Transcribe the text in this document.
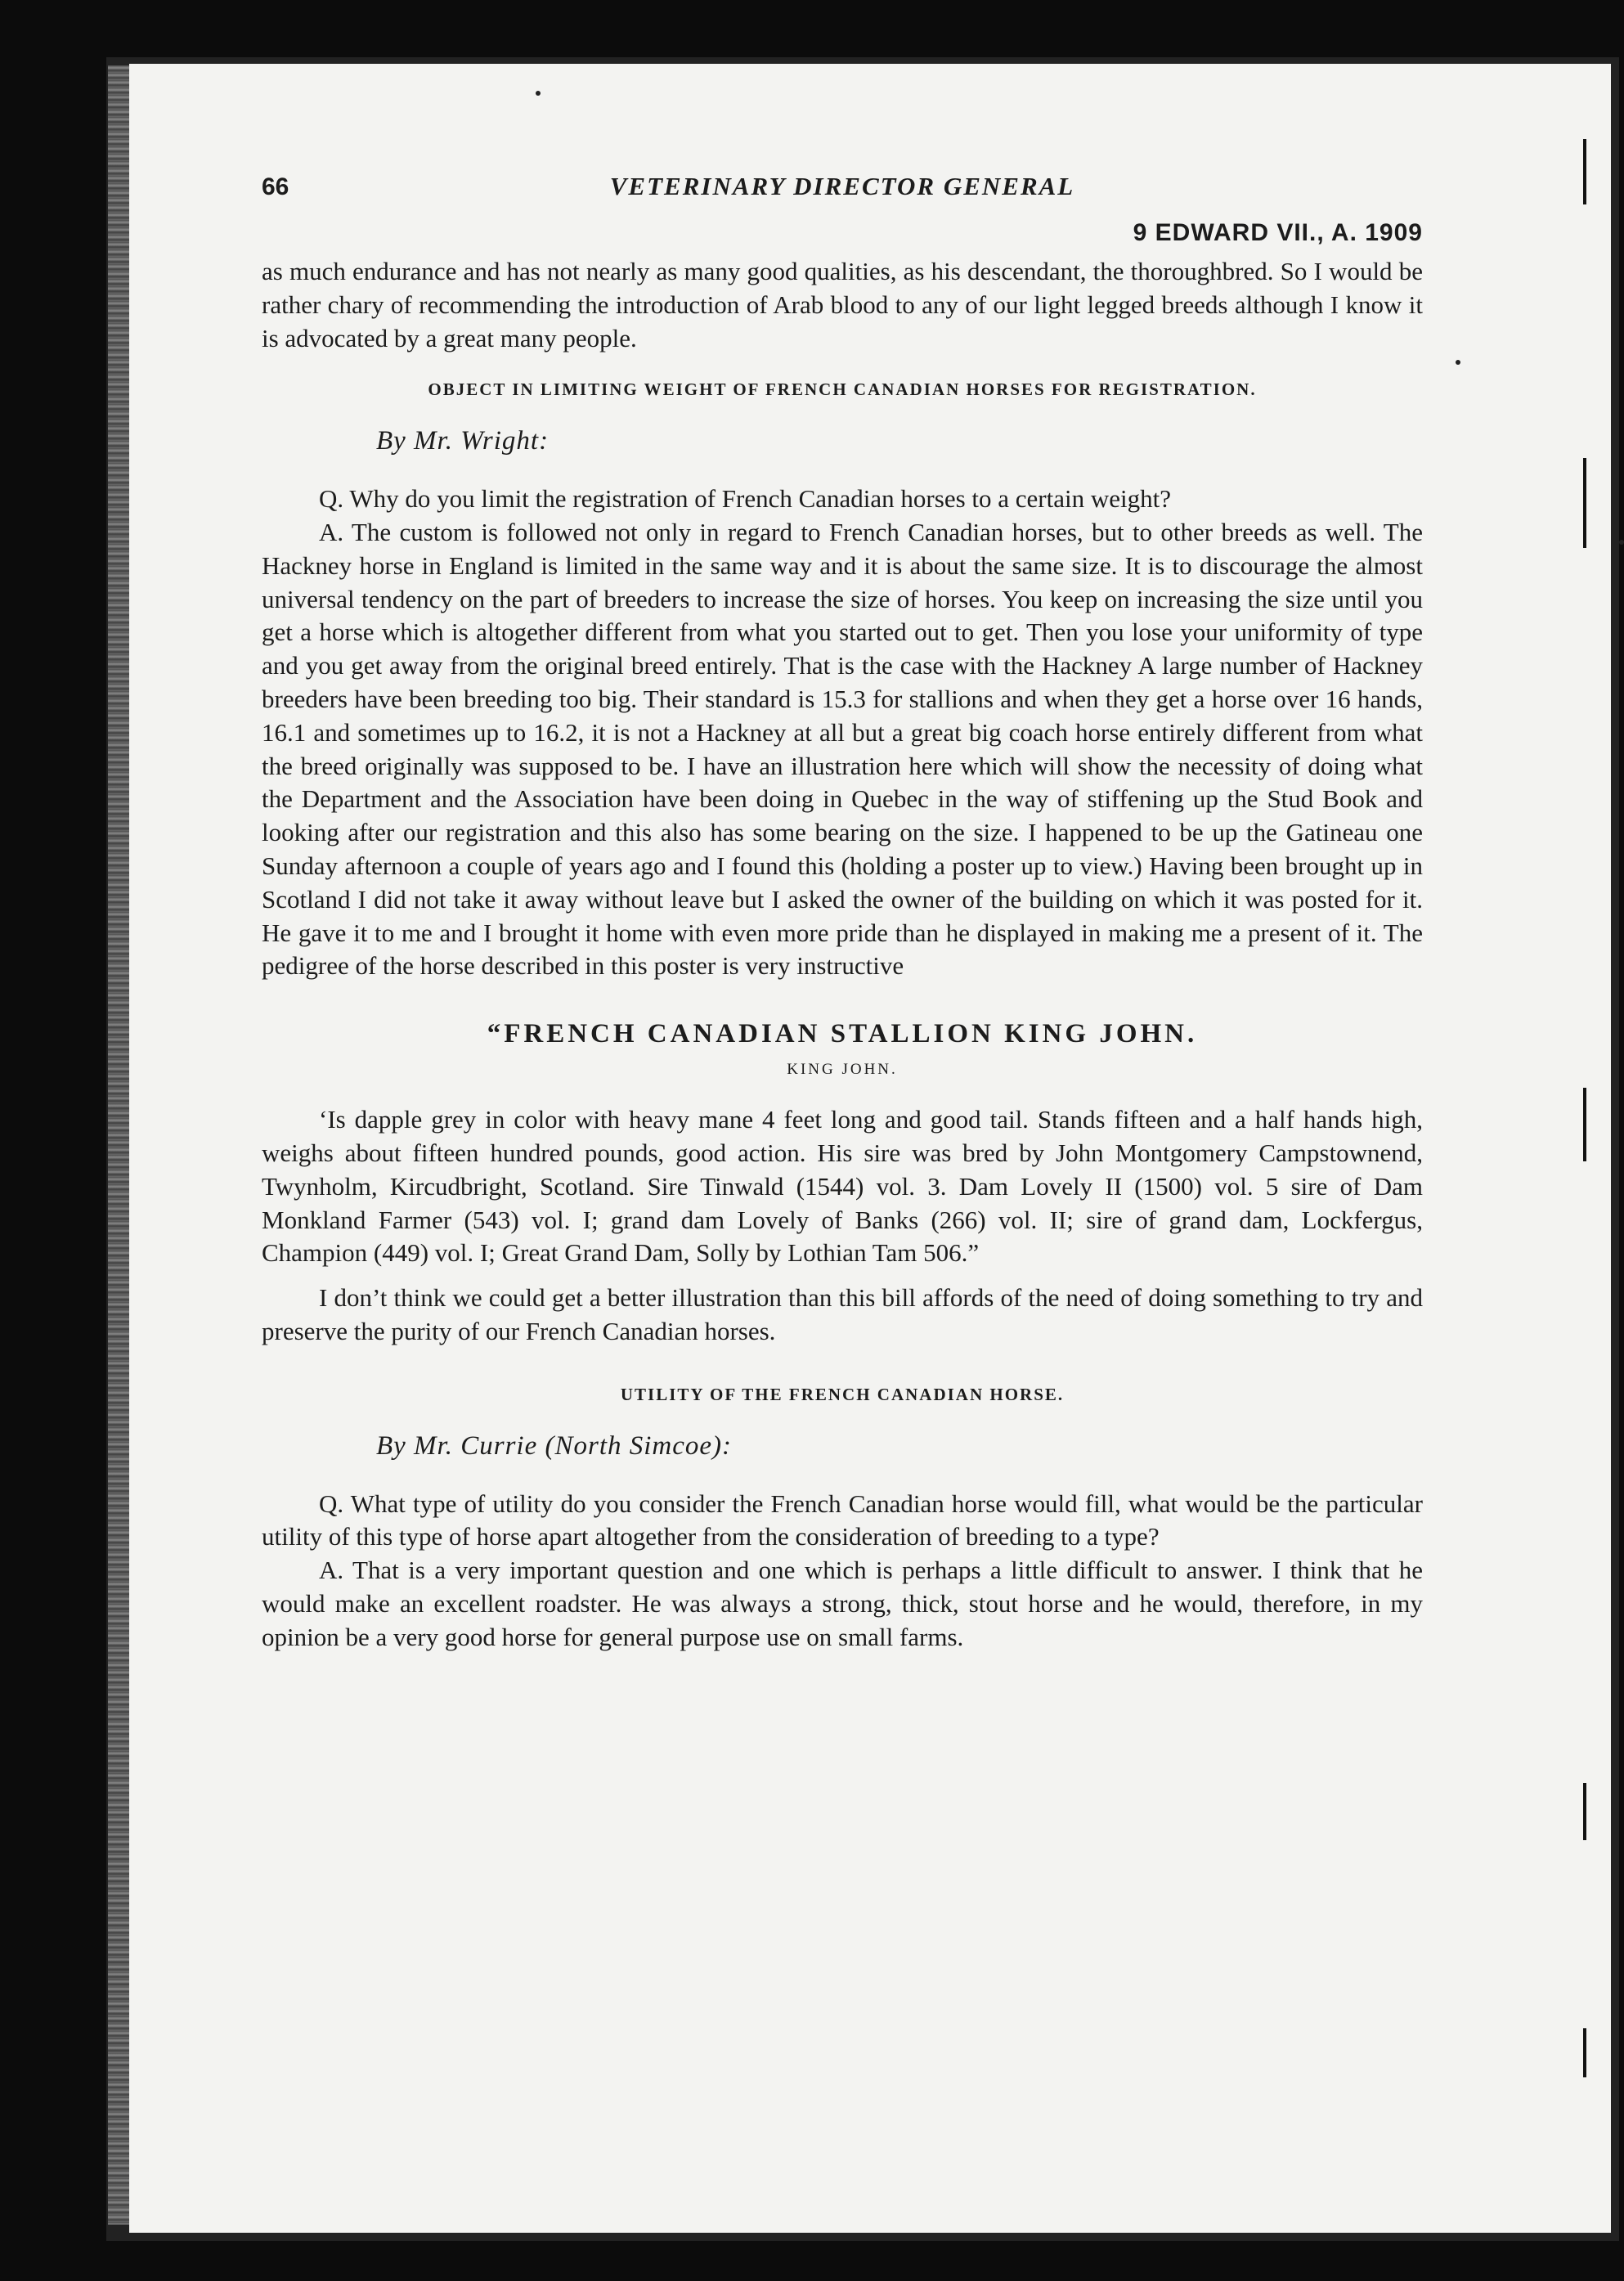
66	VETERINARY DIRECTOR GENERAL
9 EDWARD VII., A. 1909

as much endurance and has not nearly as many good qualities, as his descendant, the thoroughbred. So I would be rather chary of recommending the introduction of Arab blood to any of our light legged breeds although I know it is advocated by a great many people.

OBJECT IN LIMITING WEIGHT OF FRENCH CANADIAN HORSES FOR REGISTRATION.

By Mr. Wright:

Q. Why do you limit the registration of French Canadian horses to a certain weight?

A. The custom is followed not only in regard to French Canadian horses, but to other breeds as well. The Hackney horse in England is limited in the same way and it is about the same size. It is to discourage the almost universal tendency on the part of breeders to increase the size of horses. You keep on increasing the size until you get a horse which is altogether different from what you started out to get. Then you lose your uniformity of type and you get away from the original breed entirely. That is the case with the Hackney A large number of Hackney breeders have been breeding too big. Their standard is 15.3 for stallions and when they get a horse over 16 hands, 16.1 and sometimes up to 16.2, it is not a Hackney at all but a great big coach horse entirely different from what the breed originally was supposed to be. I have an illustration here which will show the necessity of doing what the Department and the Association have been doing in Quebec in the way of stiffening up the Stud Book and looking after our registration and this also has some bearing on the size. I happened to be up the Gatineau one Sunday afternoon a couple of years ago and I found this (holding a poster up to view.) Having been brought up in Scotland I did not take it away without leave but I asked the owner of the building on which it was posted for it. He gave it to me and I brought it home with even more pride than he displayed in making me a present of it. The pedigree of the horse described in this poster is very instructive

“FRENCH CANADIAN STALLION KING JOHN.
KING JOHN.

‘Is dapple grey in color with heavy mane 4 feet long and good tail. Stands fifteen and a half hands high, weighs about fifteen hundred pounds, good action. His sire was bred by John Montgomery Campstownend, Twynholm, Kircudbright, Scotland. Sire Tinwald (1544) vol. 3. Dam Lovely II (1500) vol. 5 sire of Dam Monkland Farmer (543) vol. I; grand dam Lovely of Banks (266) vol. II; sire of grand dam, Lockfergus, Champion (449) vol. I; Great Grand Dam, Solly by Lothian Tam 506.”

I don’t think we could get a better illustration than this bill affords of the need of doing something to try and preserve the purity of our French Canadian horses.

UTILITY OF THE FRENCH CANADIAN HORSE.

By Mr. Currie (North Simcoe):

Q. What type of utility do you consider the French Canadian horse would fill, what would be the particular utility of this type of horse apart altogether from the consideration of breeding to a type?

A. That is a very important question and one which is perhaps a little difficult to answer. I think that he would make an excellent roadster. He was always a strong, thick, stout horse and he would, therefore, in my opinion be a very good horse for general purpose use on small farms.
